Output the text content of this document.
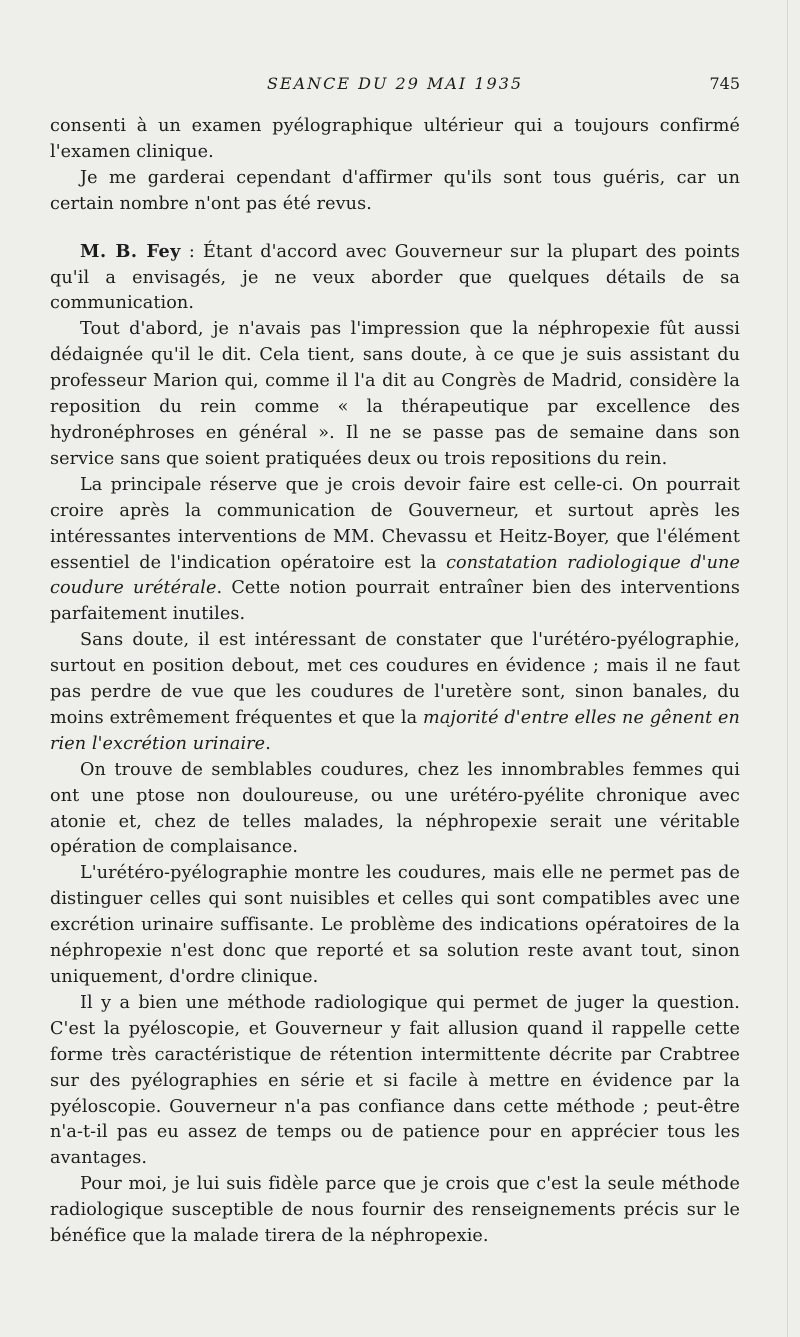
SEANCE DU 29 MAI 1935	745

consenti à un examen pyélographique ultérieur qui a toujours confirmé l'examen clinique.

Je me garderai cependant d'affirmer qu'ils sont tous guéris, car un certain nombre n'ont pas été revus.

M. B. Fey : Étant d'accord avec Gouverneur sur la plupart des points qu'il a envisagés, je ne veux aborder que quelques détails de sa communication.

Tout d'abord, je n'avais pas l'impression que la néphropexie fût aussi dédaignée qu'il le dit. Cela tient, sans doute, à ce que je suis assistant du professeur Marion qui, comme il l'a dit au Congrès de Madrid, considère la reposition du rein comme « la thérapeutique par excellence des hydronéphroses en général ». Il ne se passe pas de semaine dans son service sans que soient pratiquées deux ou trois repositions du rein.

La principale réserve que je crois devoir faire est celle-ci. On pourrait croire après la communication de Gouverneur, et surtout après les intéressantes interventions de MM. Chevassu et Heitz-Boyer, que l'élément essentiel de l'indication opératoire est la constatation radiologique d'une coudure urétérale. Cette notion pourrait entraîner bien des interventions parfaitement inutiles.

Sans doute, il est intéressant de constater que l'urétéro-pyélographie, surtout en position debout, met ces coudures en évidence ; mais il ne faut pas perdre de vue que les coudures de l'uretère sont, sinon banales, du moins extrêmement fréquentes et que la majorité d'entre elles ne gênent en rien l'excrétion urinaire.

On trouve de semblables coudures, chez les innombrables femmes qui ont une ptose non douloureuse, ou une urétéro-pyélite chronique avec atonie et, chez de telles malades, la néphropexie serait une véritable opération de complaisance.

L'urétéro-pyélographie montre les coudures, mais elle ne permet pas de distinguer celles qui sont nuisibles et celles qui sont compatibles avec une excrétion urinaire suffisante. Le problème des indications opératoires de la néphropexie n'est donc que reporté et sa solution reste avant tout, sinon uniquement, d'ordre clinique.

Il y a bien une méthode radiologique qui permet de juger la question. C'est la pyéloscopie, et Gouverneur y fait allusion quand il rappelle cette forme très caractéristique de rétention intermittente décrite par Crabtree sur des pyélographies en série et si facile à mettre en évidence par la pyéloscopie. Gouverneur n'a pas confiance dans cette méthode ; peut-être n'a-t-il pas eu assez de temps ou de patience pour en apprécier tous les avantages.

Pour moi, je lui suis fidèle parce que je crois que c'est la seule méthode radiologique susceptible de nous fournir des renseignements précis sur le bénéfice que la malade tirera de la néphropexie.
